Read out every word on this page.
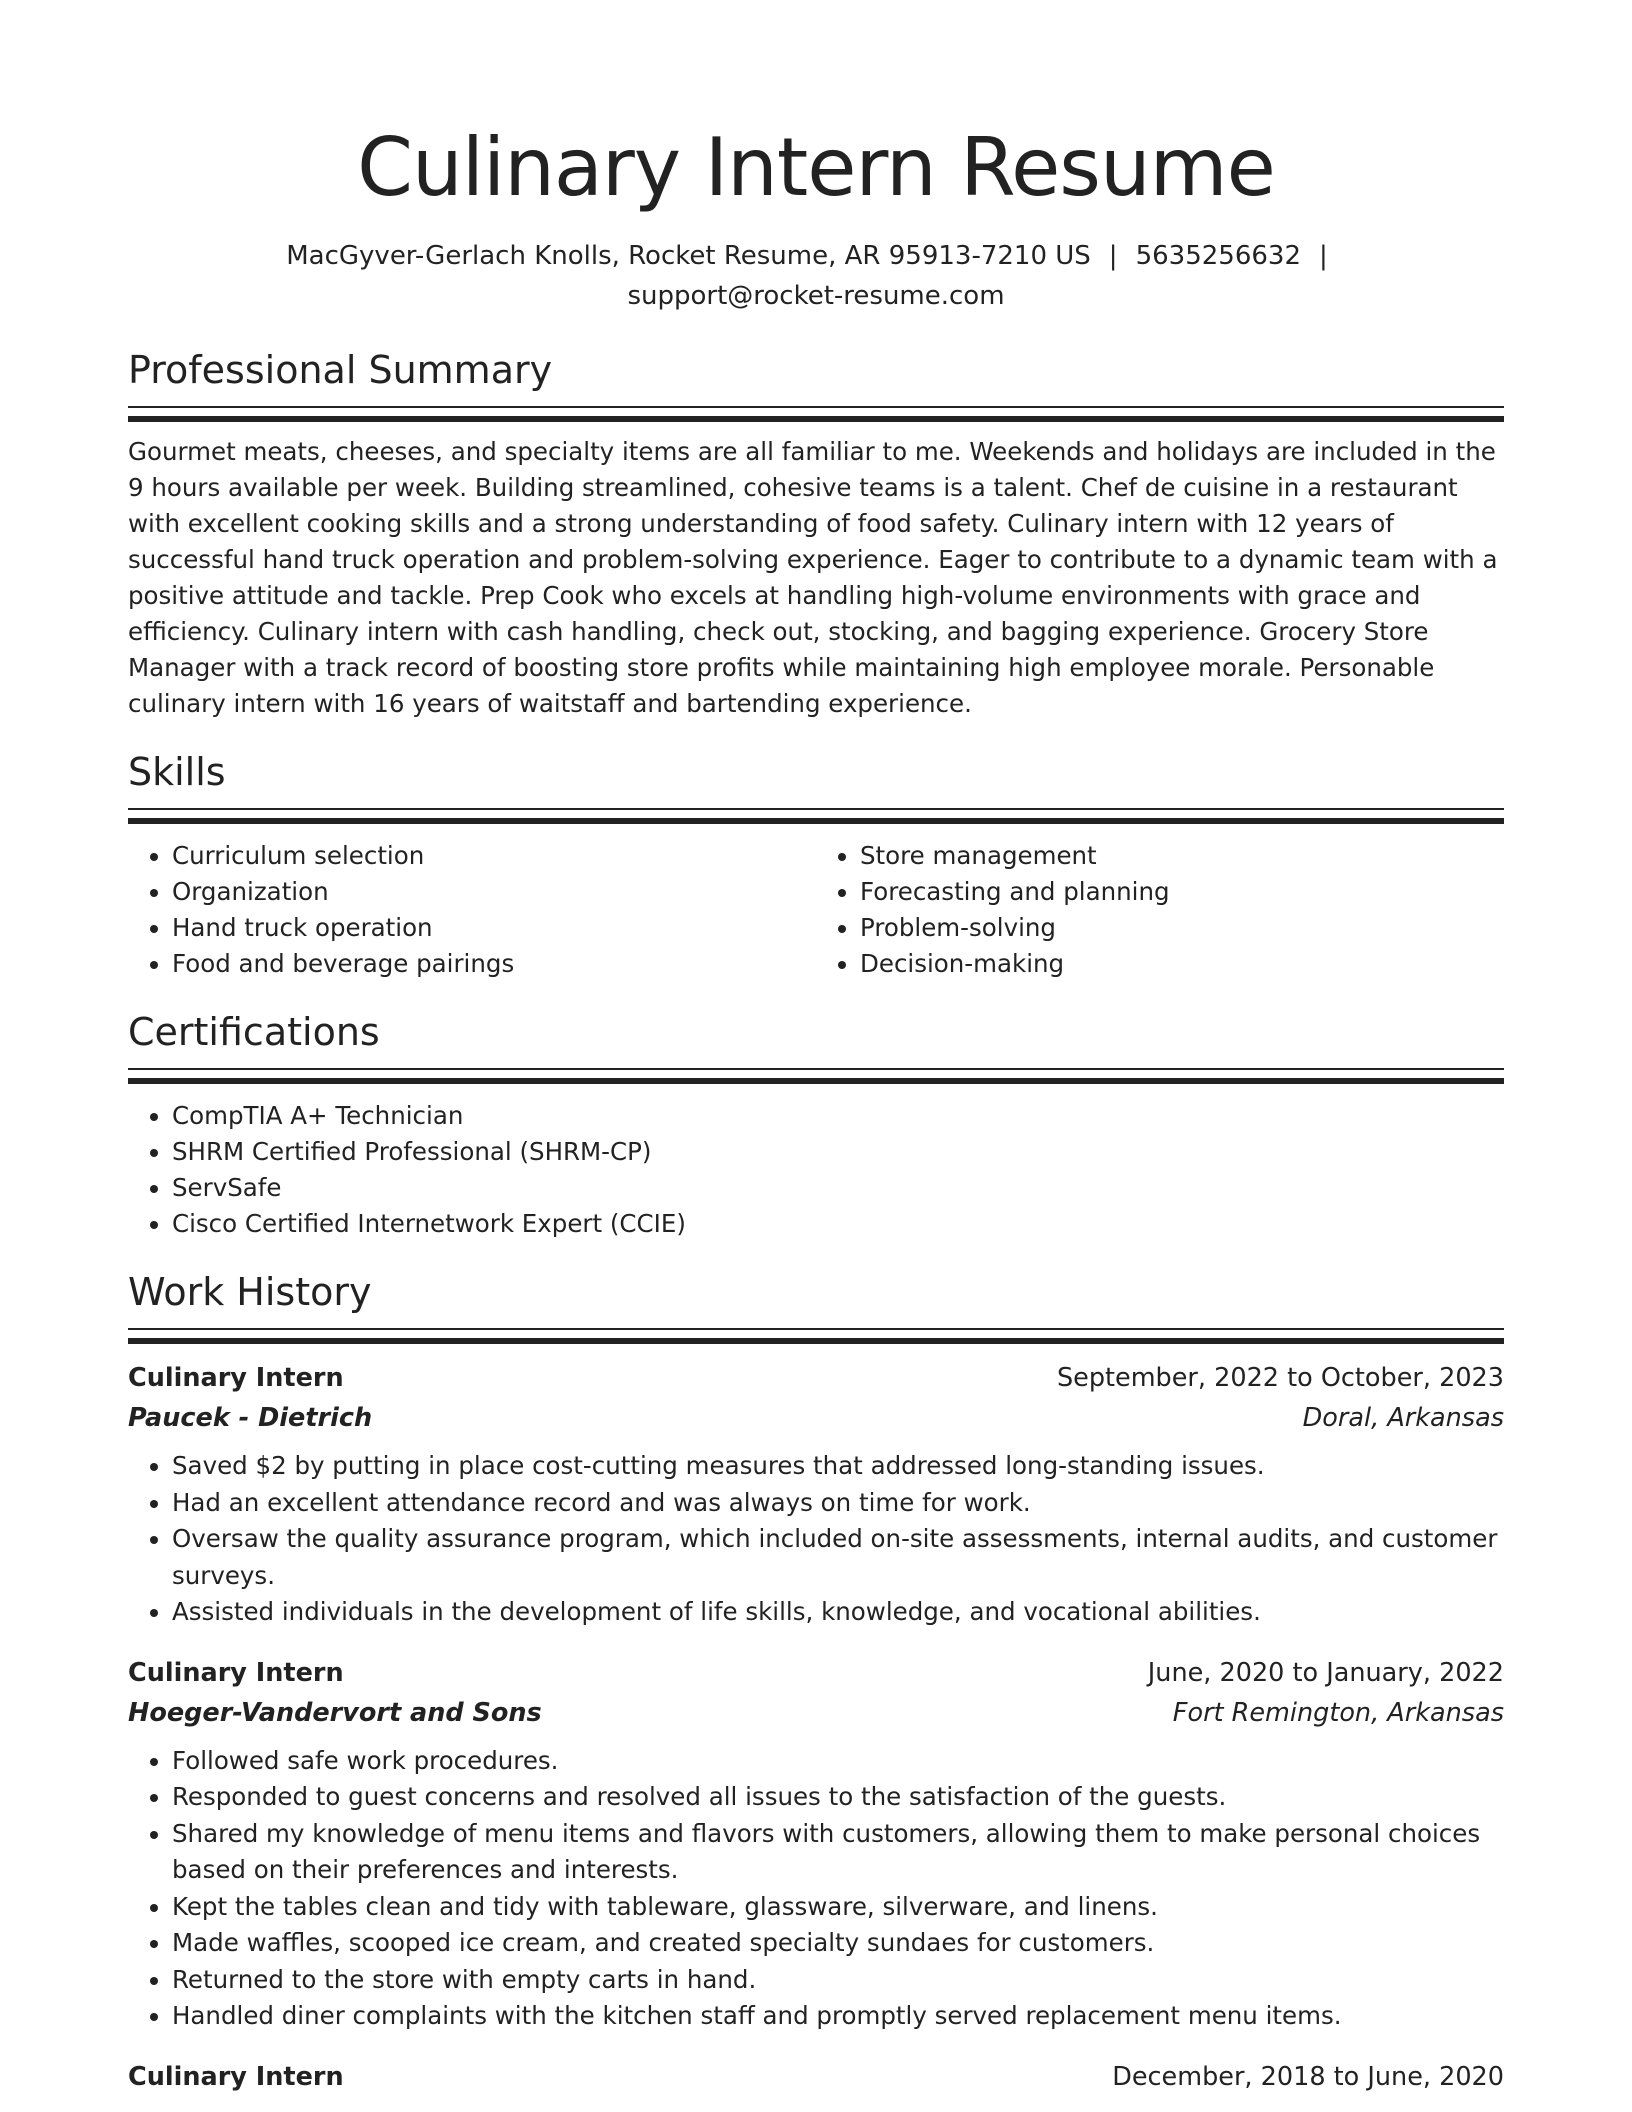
Culinary Intern Resume
MacGyver-Gerlach Knolls, Rocket Resume, AR 95913-7210 US | 5635256632 |
support@rocket-resume.com
Professional Summary
Gourmet meats, cheeses, and specialty items are all familiar to me. Weekends and holidays are included in the 9 hours available per week. Building streamlined, cohesive teams is a talent. Chef de cuisine in a restaurant with excellent cooking skills and a strong understanding of food safety. Culinary intern with 12 years of successful hand truck operation and problem-solving experience. Eager to contribute to a dynamic team with a positive attitude and tackle. Prep Cook who excels at handling high-volume environments with grace and efficiency. Culinary intern with cash handling, check out, stocking, and bagging experience. Grocery Store Manager with a track record of boosting store profits while maintaining high employee morale. Personable culinary intern with 16 years of waitstaff and bartending experience.
Skills
• Curriculum selection
• Organization
• Hand truck operation
• Food and beverage pairings
• Store management
• Forecasting and planning
• Problem-solving
• Decision-making
Certifications
• CompTIA A+ Technician
• SHRM Certified Professional (SHRM-CP)
• ServSafe
• Cisco Certified Internetwork Expert (CCIE)
Work History
Culinary Intern	September, 2022 to October, 2023
Paucek - Dietrich	Doral, Arkansas
• Saved $2 by putting in place cost-cutting measures that addressed long-standing issues.
• Had an excellent attendance record and was always on time for work.
• Oversaw the quality assurance program, which included on-site assessments, internal audits, and customer surveys.
• Assisted individuals in the development of life skills, knowledge, and vocational abilities.
Culinary Intern	June, 2020 to January, 2022
Hoeger-Vandervort and Sons	Fort Remington, Arkansas
• Followed safe work procedures.
• Responded to guest concerns and resolved all issues to the satisfaction of the guests.
• Shared my knowledge of menu items and flavors with customers, allowing them to make personal choices based on their preferences and interests.
• Kept the tables clean and tidy with tableware, glassware, silverware, and linens.
• Made waffles, scooped ice cream, and created specialty sundaes for customers.
• Returned to the store with empty carts in hand.
• Handled diner complaints with the kitchen staff and promptly served replacement menu items.
Culinary Intern	December, 2018 to June, 2020
